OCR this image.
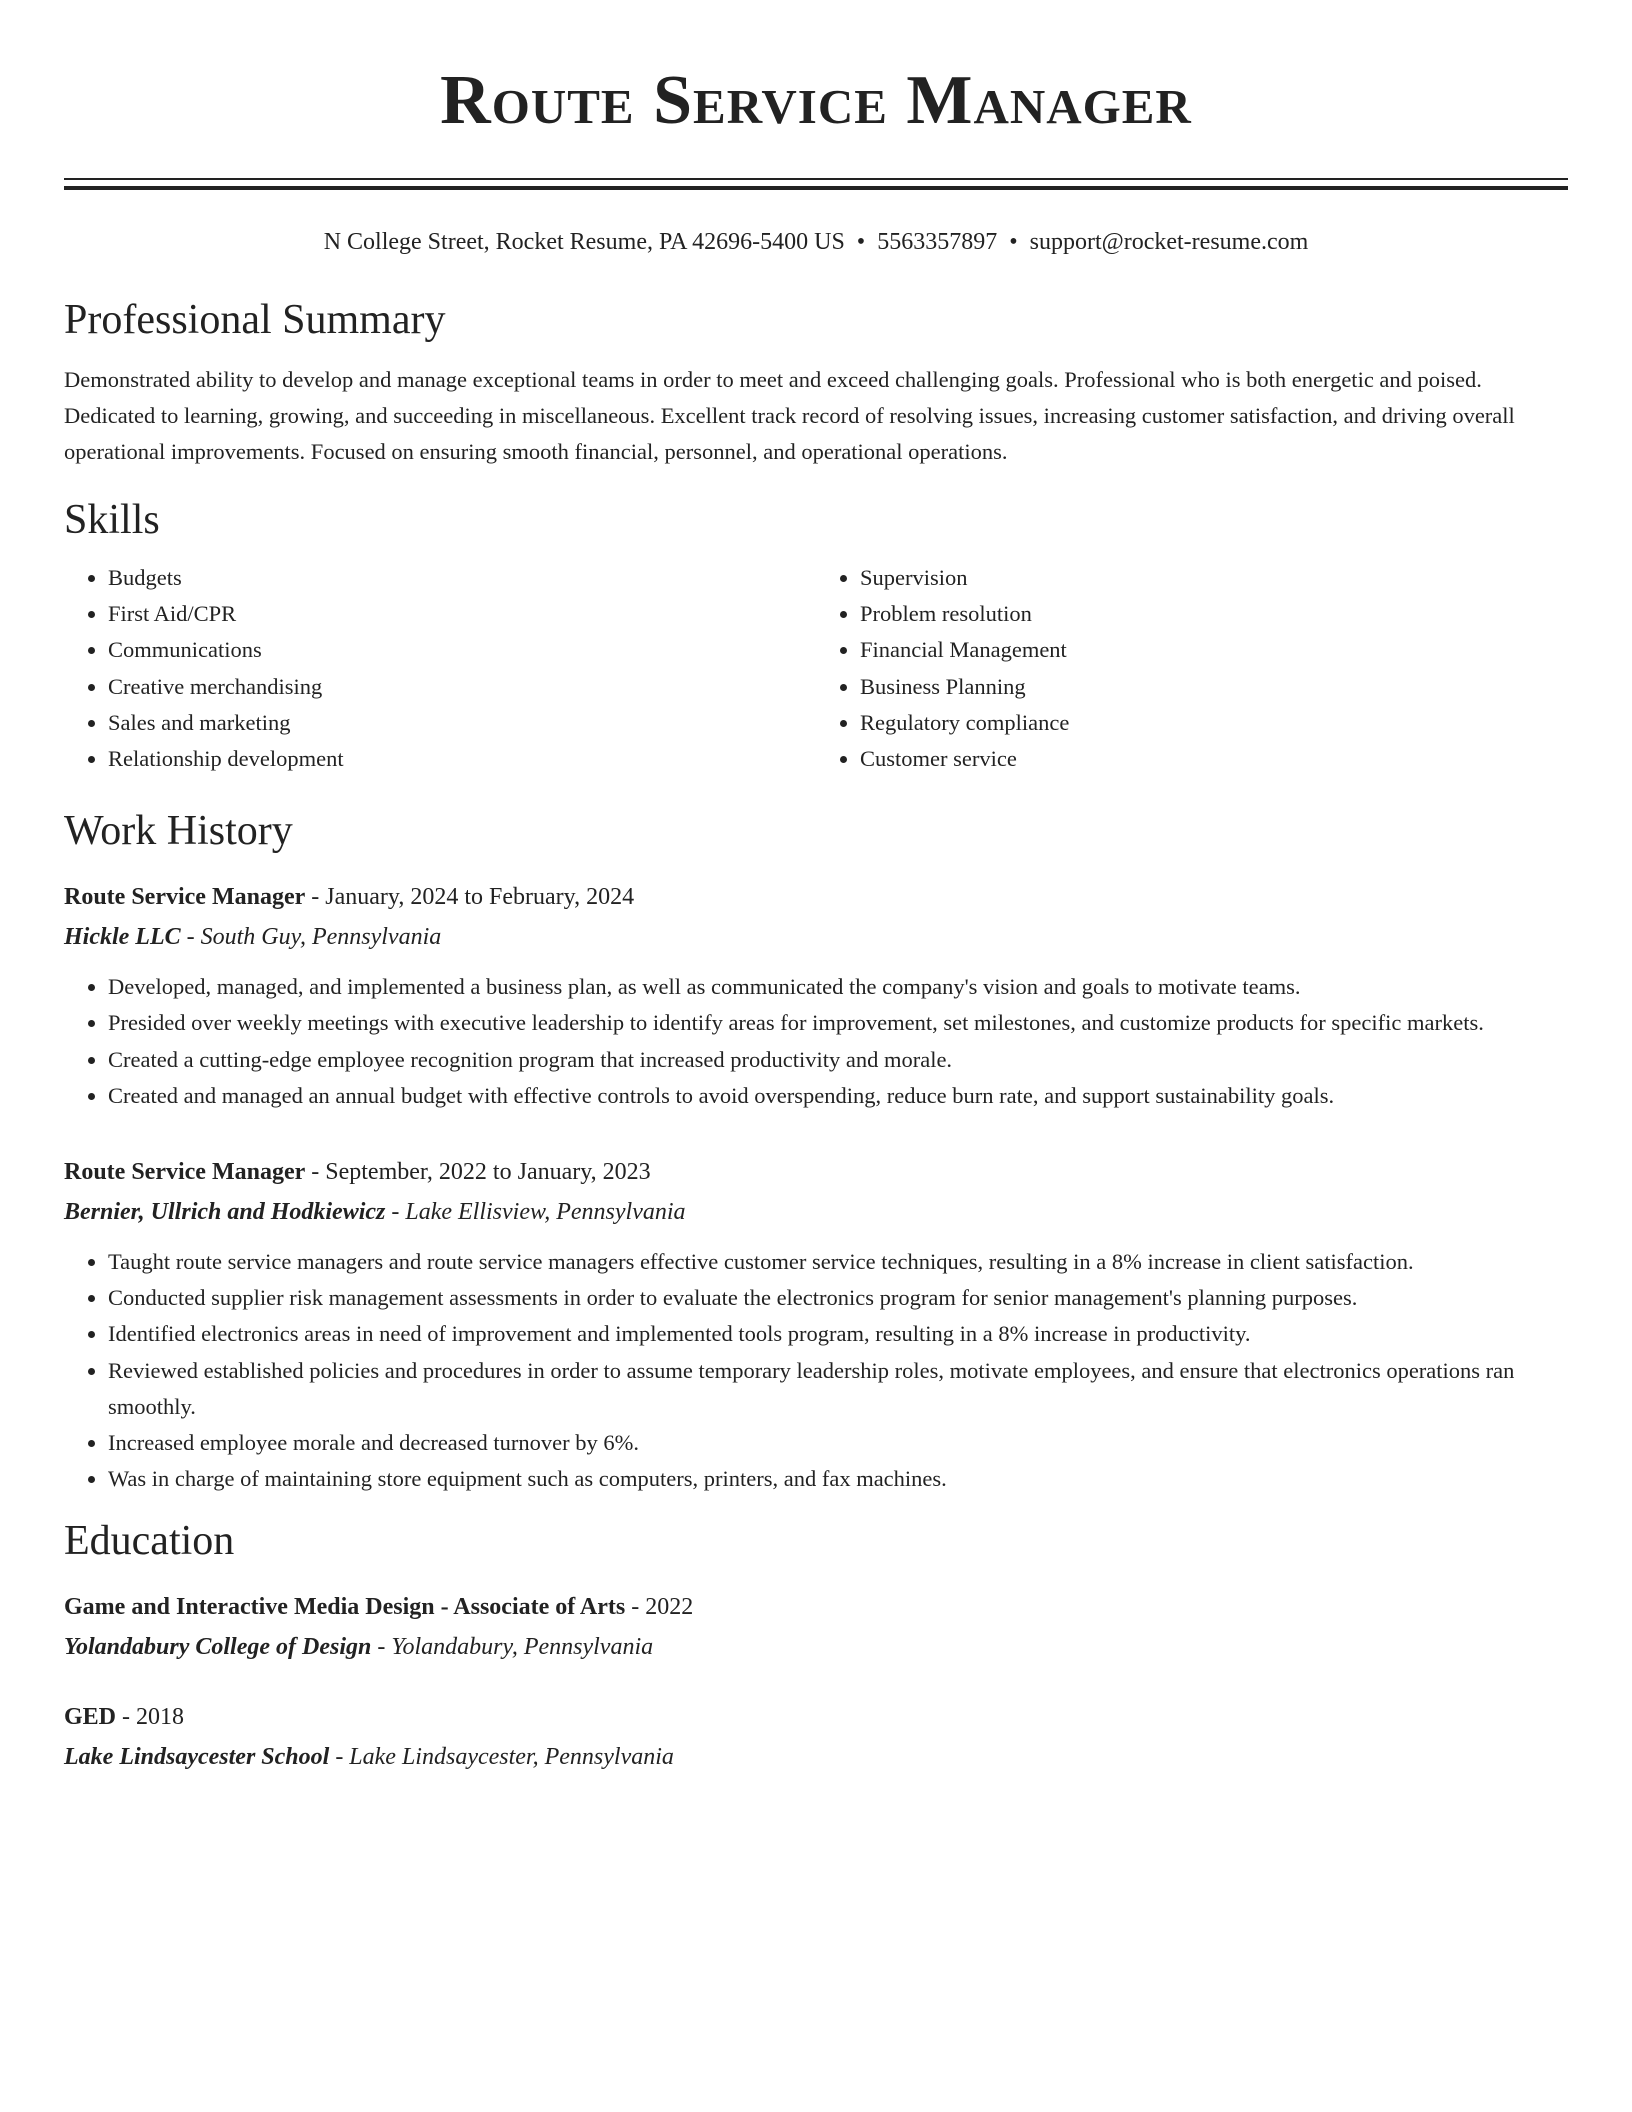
Route Service Manager
N College Street, Rocket Resume, PA 42696-5400 US • 5563357897 • support@rocket-resume.com
Professional Summary
Demonstrated ability to develop and manage exceptional teams in order to meet and exceed challenging goals. Professional who is both energetic and poised. Dedicated to learning, growing, and succeeding in miscellaneous. Excellent track record of resolving issues, increasing customer satisfaction, and driving overall operational improvements. Focused on ensuring smooth financial, personnel, and operational operations.
Skills
• Budgets
• First Aid/CPR
• Communications
• Creative merchandising
• Sales and marketing
• Relationship development
• Supervision
• Problem resolution
• Financial Management
• Business Planning
• Regulatory compliance
• Customer service
Work History
Route Service Manager - January, 2024 to February, 2024
Hickle LLC - South Guy, Pennsylvania
• Developed, managed, and implemented a business plan, as well as communicated the company's vision and goals to motivate teams.
• Presided over weekly meetings with executive leadership to identify areas for improvement, set milestones, and customize products for specific markets.
• Created a cutting-edge employee recognition program that increased productivity and morale.
• Created and managed an annual budget with effective controls to avoid overspending, reduce burn rate, and support sustainability goals.
Route Service Manager - September, 2022 to January, 2023
Bernier, Ullrich and Hodkiewicz - Lake Ellisview, Pennsylvania
• Taught route service managers and route service managers effective customer service techniques, resulting in a 8% increase in client satisfaction.
• Conducted supplier risk management assessments in order to evaluate the electronics program for senior management's planning purposes.
• Identified electronics areas in need of improvement and implemented tools program, resulting in a 8% increase in productivity.
• Reviewed established policies and procedures in order to assume temporary leadership roles, motivate employees, and ensure that electronics operations ran smoothly.
• Increased employee morale and decreased turnover by 6%.
• Was in charge of maintaining store equipment such as computers, printers, and fax machines.
Education
Game and Interactive Media Design - Associate of Arts - 2022
Yolandabury College of Design - Yolandabury, Pennsylvania
GED - 2018
Lake Lindsaycester School - Lake Lindsaycester, Pennsylvania
